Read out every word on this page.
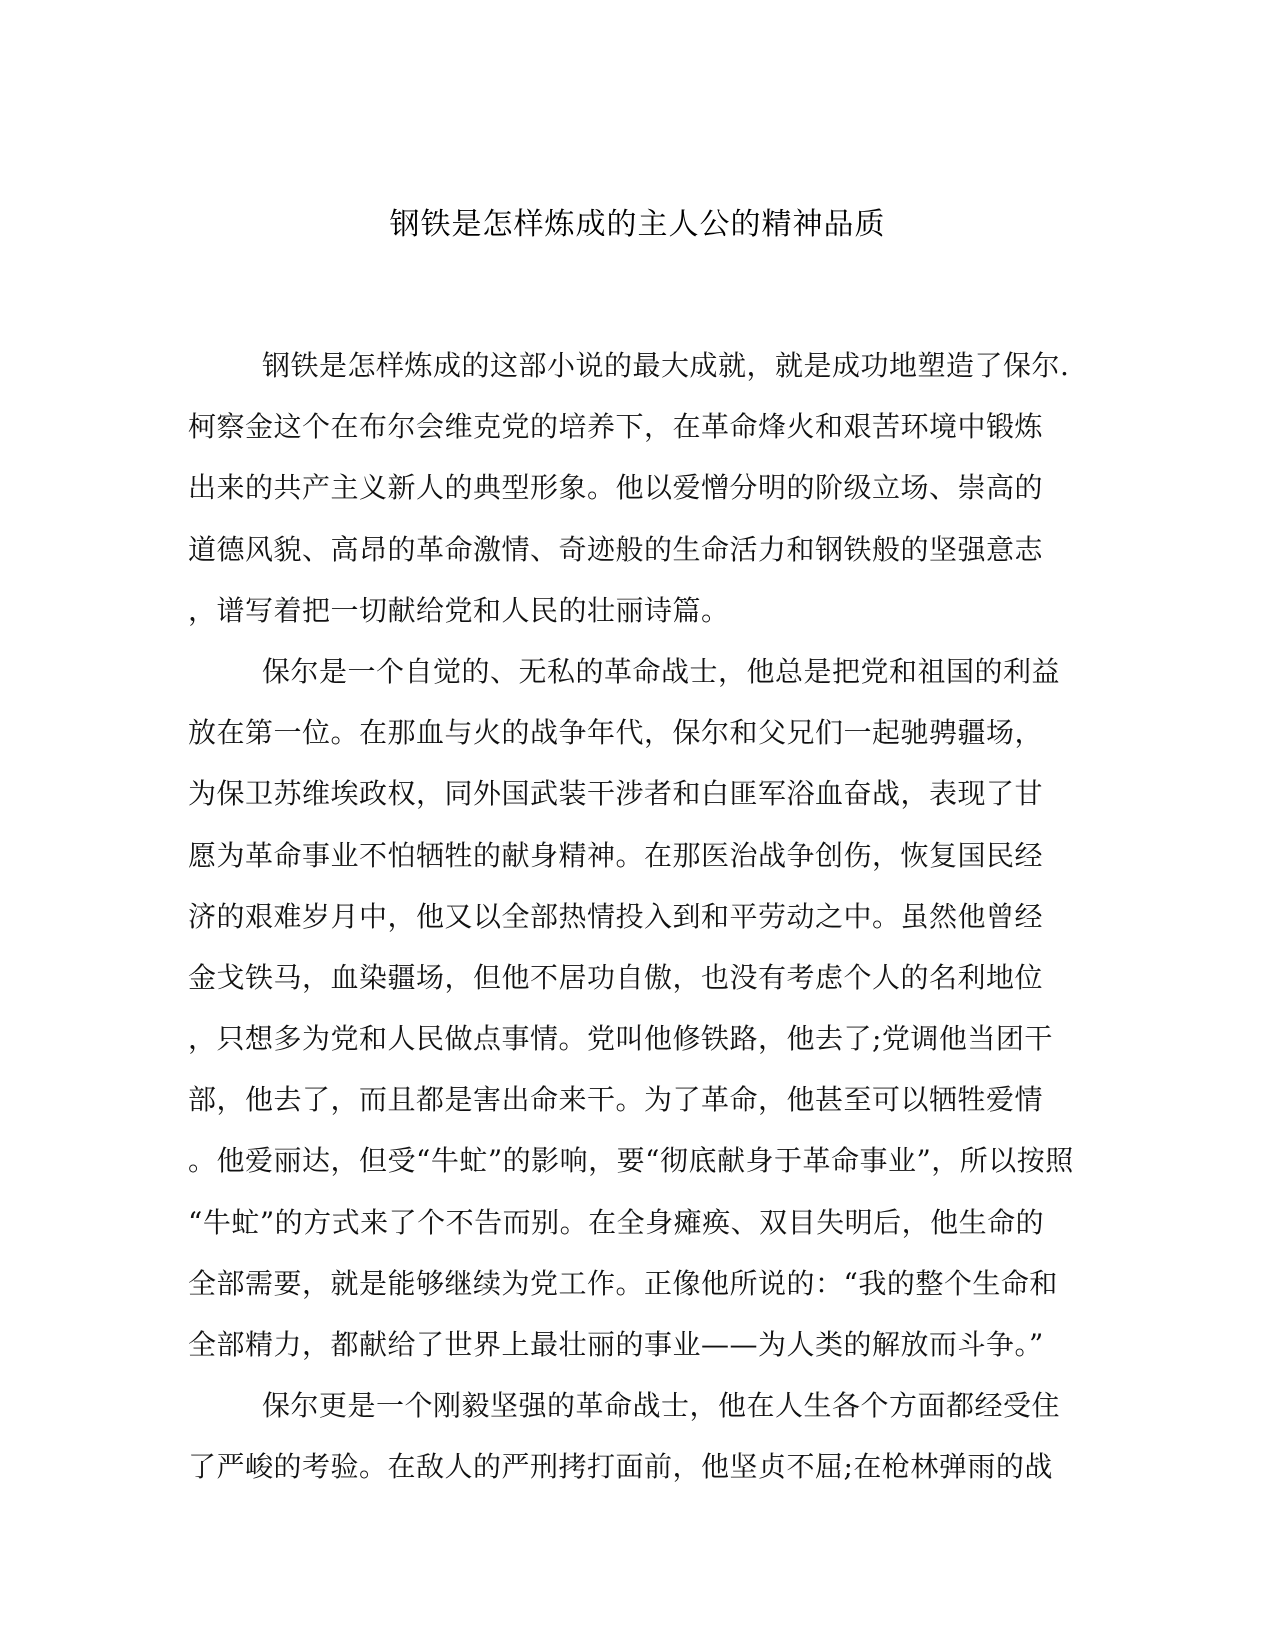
钢铁是怎样炼成的主人公的精神品质
钢铁是怎样炼成的这部小说的最大成就，就是成功地塑造了保尔.
柯察金这个在布尔会维克党的培养下，在革命烽火和艰苦环境中锻炼
出来的共产主义新人的典型形象。他以爱憎分明的阶级立场、崇高的
道德风貌、高昂的革命激情、奇迹般的生命活力和钢铁般的坚强意志
，谱写着把一切献给党和人民的壮丽诗篇。
保尔是一个自觉的、无私的革命战士，他总是把党和祖国的利益
放在第一位。在那血与火的战争年代，保尔和父兄们一起驰骋疆场，
为保卫苏维埃政权，同外国武装干涉者和白匪军浴血奋战，表现了甘
愿为革命事业不怕牺牲的献身精神。在那医治战争创伤，恢复国民经
济的艰难岁月中，他又以全部热情投入到和平劳动之中。虽然他曾经
金戈铁马，血染疆场，但他不居功自傲，也没有考虑个人的名利地位
，只想多为党和人民做点事情。党叫他修铁路，他去了;党调他当团干
部，他去了，而且都是害出命来干。为了革命，他甚至可以牺牲爱情
。他爱丽达，但受“牛虻”的影响，要“彻底献身于革命事业”，所以按照
“牛虻”的方式来了个不告而别。在全身瘫痪、双目失明后，他生命的
全部需要，就是能够继续为党工作。正像他所说的：“我的整个生命和
全部精力，都献给了世界上最壮丽的事业——为人类的解放而斗争。”
保尔更是一个刚毅坚强的革命战士，他在人生各个方面都经受住
了严峻的考验。在敌人的严刑拷打面前，他坚贞不屈;在枪林弹雨的战
